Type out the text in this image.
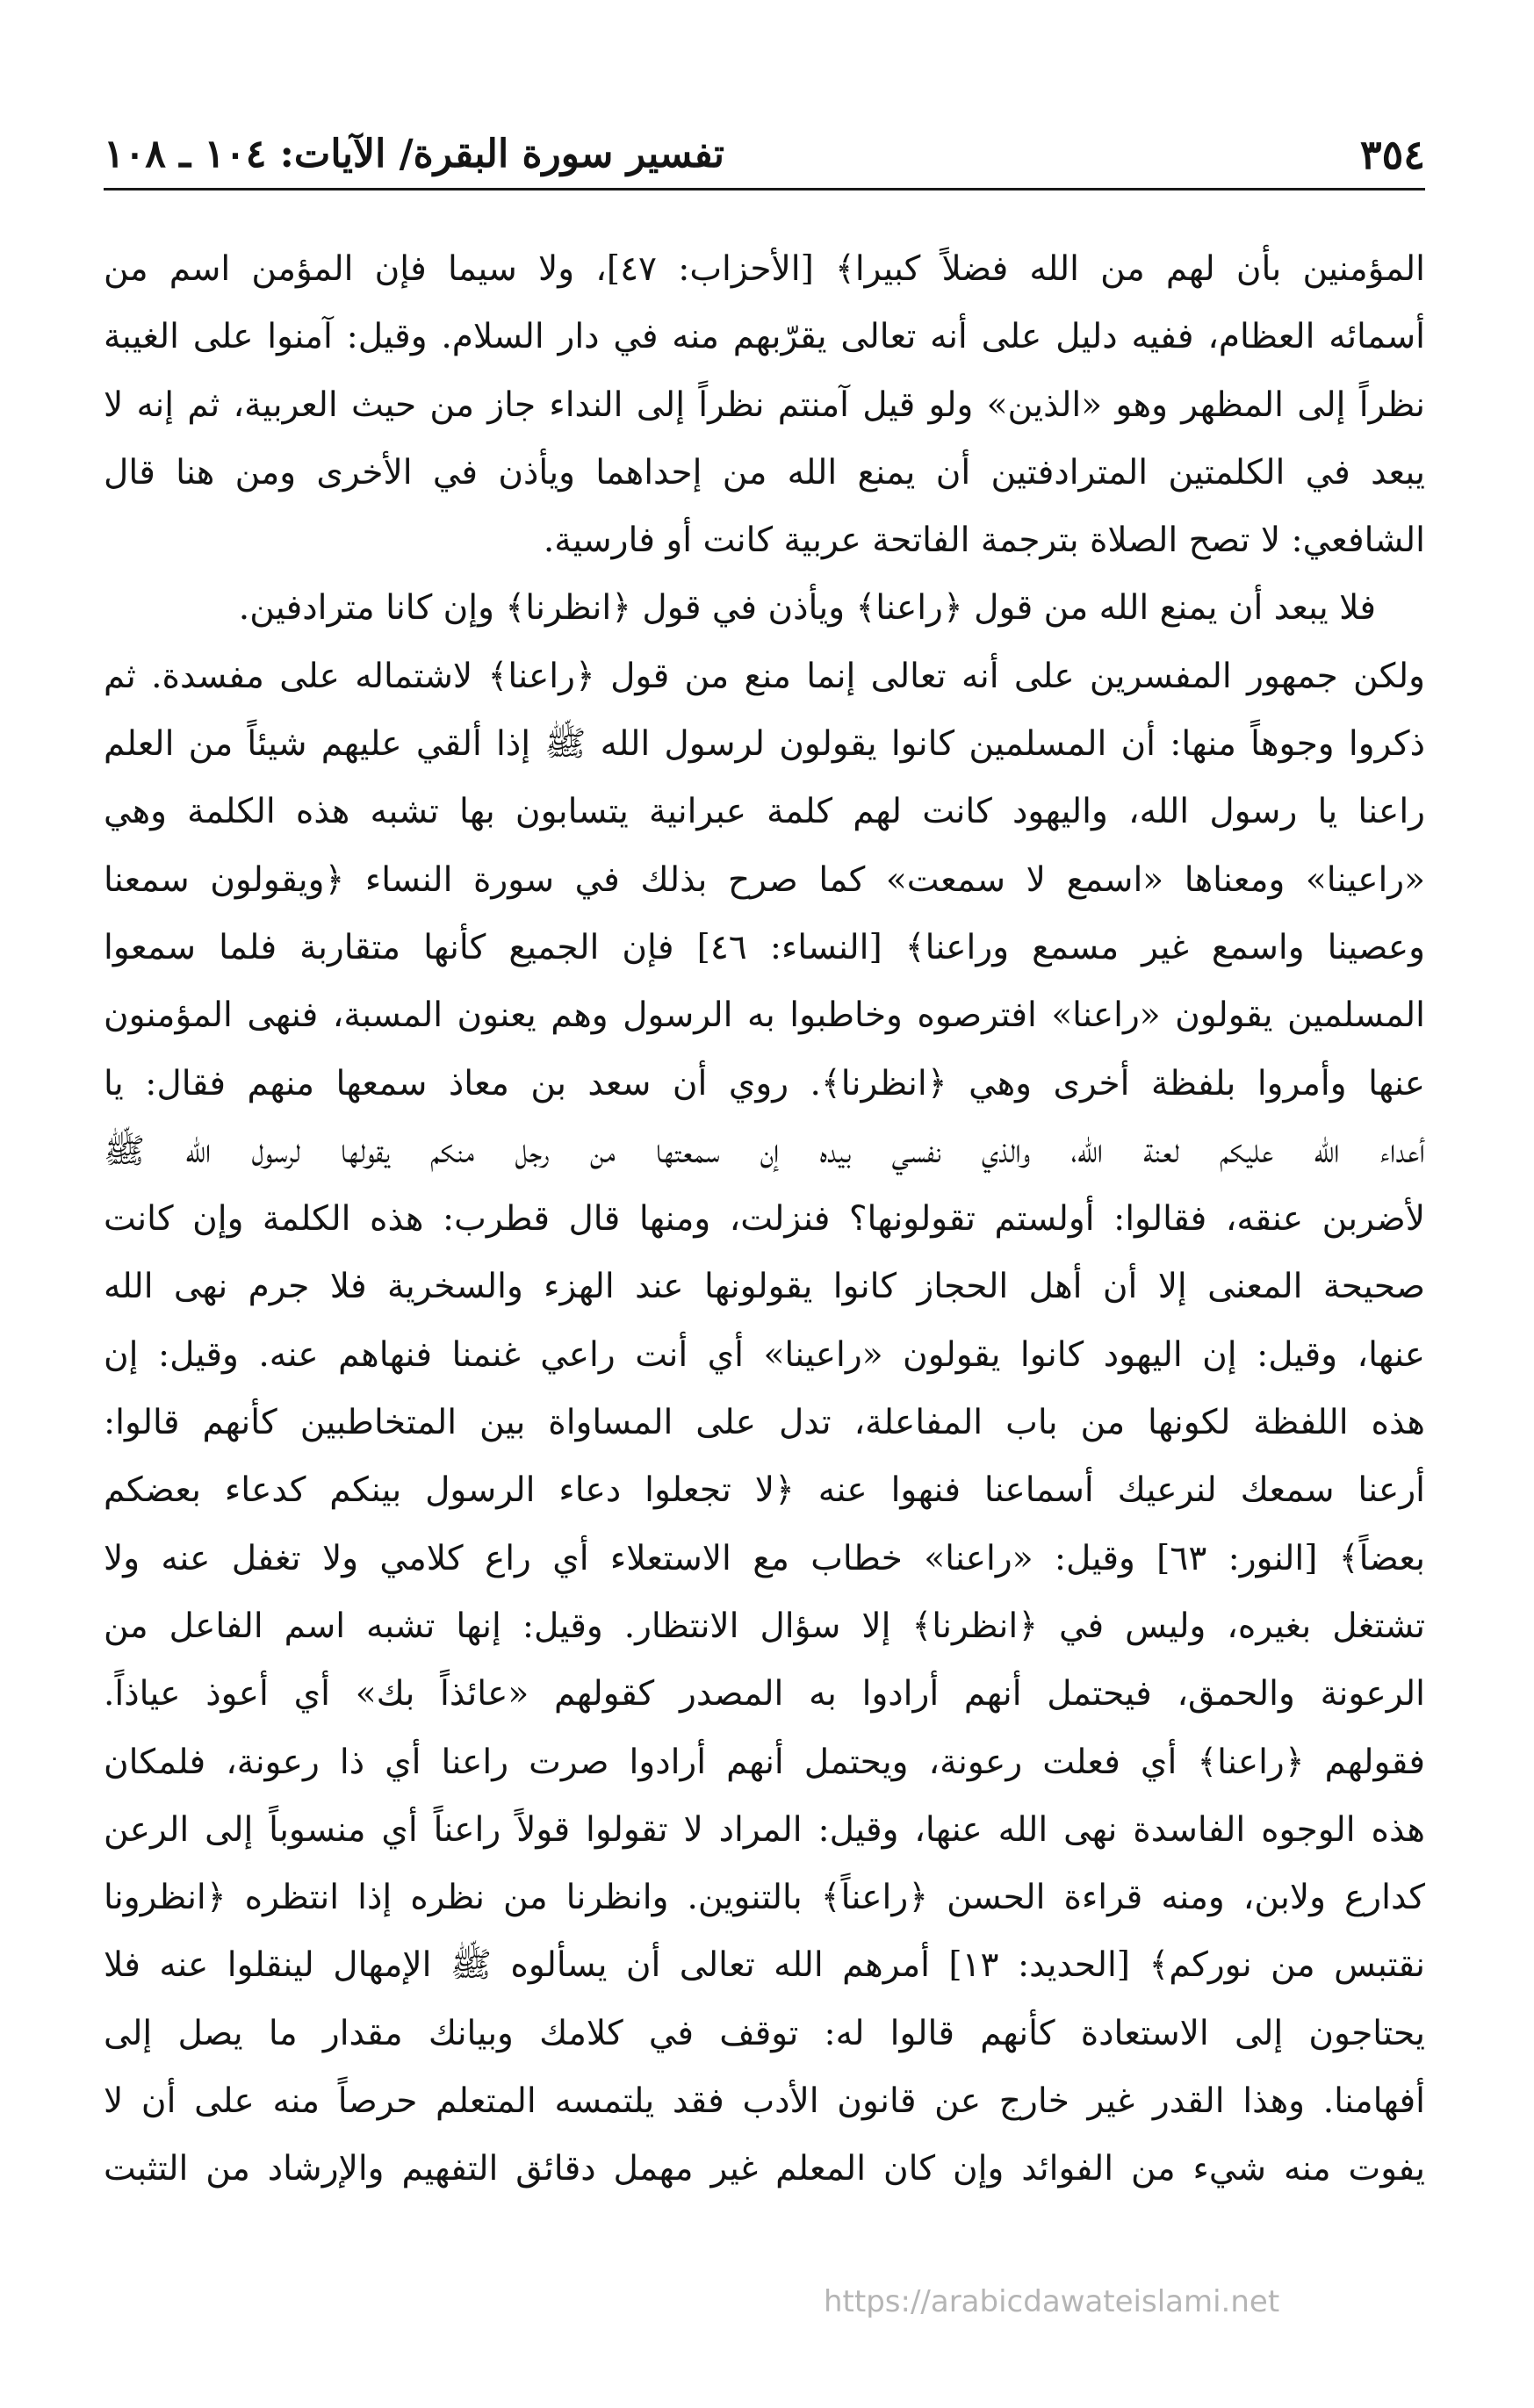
٣٥٤
تفسير سورة البقرة/ الآيات: ١٠٤ ـ ١٠٨
المؤمنين بأن لهم من الله فضلاً كبيرا﴾ [الأحزاب: ٤٧]، ولا سيما فإن المؤمن اسم من
أسمائه العظام، ففيه دليل على أنه تعالى يقرّبهم منه في دار السلام. وقيل: آمنوا على الغيبة
نظراً إلى المظهر وهو «الذين» ولو قيل آمنتم نظراً إلى النداء جاز من حيث العربية، ثم إنه لا
يبعد في الكلمتين المترادفتين أن يمنع الله من إحداهما ويأذن في الأخرى ومن هنا قال
الشافعي: لا تصح الصلاة بترجمة الفاتحة عربية كانت أو فارسية.
فلا يبعد أن يمنع الله من قول ﴿راعنا﴾ ويأذن في قول ﴿انظرنا﴾ وإن كانا مترادفين.
ولكن جمهور المفسرين على أنه تعالى إنما منع من قول ﴿راعنا﴾ لاشتماله على مفسدة. ثم
ذكروا وجوهاً منها: أن المسلمين كانوا يقولون لرسول الله ﷺ إذا ألقي عليهم شيئاً من العلم
راعنا يا رسول الله، واليهود كانت لهم كلمة عبرانية يتسابون بها تشبه هذه الكلمة وهي
«راعينا» ومعناها «اسمع لا سمعت» كما صرح بذلك في سورة النساء ﴿ويقولون سمعنا
وعصينا واسمع غير مسمع وراعنا﴾ [النساء: ٤٦] فإن الجميع كأنها متقاربة فلما سمعوا
المسلمين يقولون «راعنا» افترصوه وخاطبوا به الرسول وهم يعنون المسبة، فنهى المؤمنون
عنها وأمروا بلفظة أخرى وهي ﴿انظرنا﴾. روي أن سعد بن معاذ سمعها منهم فقال: يا
أعداء الله عليكم لعنة الله، والذي نفسي بيده إن سمعتها من رجل منكم يقولها لرسول الله ﷺ
لأضربن عنقه، فقالوا: أولستم تقولونها؟ فنزلت، ومنها قال قطرب: هذه الكلمة وإن كانت
صحيحة المعنى إلا أن أهل الحجاز كانوا يقولونها عند الهزء والسخرية فلا جرم نهى الله
عنها، وقيل: إن اليهود كانوا يقولون «راعينا» أي أنت راعي غنمنا فنهاهم عنه. وقيل: إن
هذه اللفظة لكونها من باب المفاعلة، تدل على المساواة بين المتخاطبين كأنهم قالوا:
أرعنا سمعك لنرعيك أسماعنا فنهوا عنه ﴿لا تجعلوا دعاء الرسول بينكم كدعاء بعضكم
بعضاً﴾ [النور: ٦٣] وقيل: «راعنا» خطاب مع الاستعلاء أي راع كلامي ولا تغفل عنه ولا
تشتغل بغيره، وليس في ﴿انظرنا﴾ إلا سؤال الانتظار. وقيل: إنها تشبه اسم الفاعل من
الرعونة والحمق، فيحتمل أنهم أرادوا به المصدر كقولهم «عائذاً بك» أي أعوذ عياذاً.
فقولهم ﴿راعنا﴾ أي فعلت رعونة، ويحتمل أنهم أرادوا صرت راعنا أي ذا رعونة، فلمكان
هذه الوجوه الفاسدة نهى الله عنها، وقيل: المراد لا تقولوا قولاً راعناً أي منسوباً إلى الرعن
كدارع ولابن، ومنه قراءة الحسن ﴿راعناً﴾ بالتنوين. وانظرنا من نظره إذا انتظره ﴿انظرونا
نقتبس من نوركم﴾ [الحديد: ١٣] أمرهم الله تعالى أن يسألوه ﷺ الإمهال لينقلوا عنه فلا
يحتاجون إلى الاستعادة كأنهم قالوا له: توقف في كلامك وبيانك مقدار ما يصل إلى
أفهامنا. وهذا القدر غير خارج عن قانون الأدب فقد يلتمسه المتعلم حرصاً منه على أن لا
يفوت منه شيء من الفوائد وإن كان المعلم غير مهمل دقائق التفهيم والإرشاد من التثبت
https://arabicdawateislami.net
